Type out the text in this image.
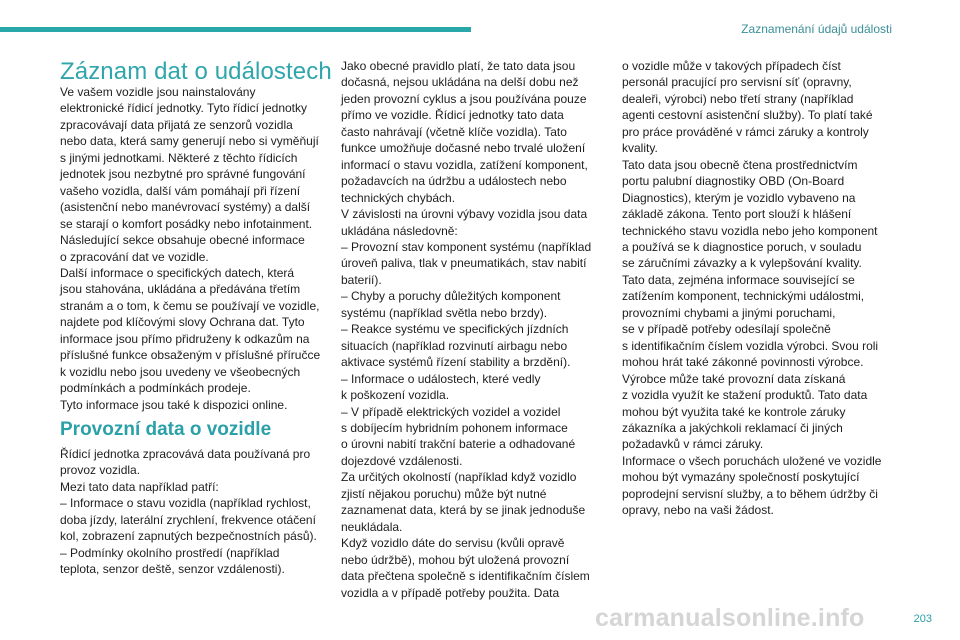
Zaznamenání údajů události
Záznam dat o událostech
Ve vašem vozidle jsou nainstalovány
elektronické řídicí jednotky. Tyto řídicí jednotky
zpracovávají data přijatá ze senzorů vozidla
nebo data, která samy generují nebo si vyměňují
s jinými jednotkami. Některé z těchto řídicích
jednotek jsou nezbytné pro správné fungování
vašeho vozidla, další vám pomáhají při řízení
(asistenční nebo manévrovací systémy) a další
se starají o komfort posádky nebo infotainment.
Následující sekce obsahuje obecné informace
o zpracování dat ve vozidle.
Další informace o specifických datech, která
jsou stahována, ukládána a předávána třetím
stranám a o tom, k čemu se používají ve vozidle,
najdete pod klíčovými slovy Ochrana dat. Tyto
informace jsou přímo přidruženy k odkazům na
příslušné funkce obsaženým v příslušné příručce
k vozidlu nebo jsou uvedeny ve všeobecných
podmínkách a podmínkách prodeje.
Tyto informace jsou také k dispozici online.
Provozní data o vozidle
Řídicí jednotka zpracovává data používaná pro
provoz vozidla.
Mezi tato data například patří:
– Informace o stavu vozidla (například rychlost,
doba jízdy, laterální zrychlení, frekvence otáčení
kol, zobrazení zapnutých bezpečnostních pásů).
– Podmínky okolního prostředí (například
teplota, senzor deště, senzor vzdálenosti).
Jako obecné pravidlo platí, že tato data jsou
dočasná, nejsou ukládána na delší dobu než
jeden provozní cyklus a jsou používána pouze
přímo ve vozidle. Řídicí jednotky tato data
často nahrávají (včetně klíče vozidla). Tato
funkce umožňuje dočasné nebo trvalé uložení
informací o stavu vozidla, zatížení komponent,
požadavcích na údržbu a událostech nebo
technických chybách.
V závislosti na úrovni výbavy vozidla jsou data
ukládána následovně:
– Provozní stav komponent systému (například
úroveň paliva, tlak v pneumatikách, stav nabití
baterií).
– Chyby a poruchy důležitých komponent
systému (například světla nebo brzdy).
– Reakce systému ve specifických jízdních
situacích (například rozvinutí airbagu nebo
aktivace systémů řízení stability a brzdění).
– Informace o událostech, které vedly
k poškození vozidla.
– V případě elektrických vozidel a vozidel
s dobíjecím hybridním pohonem informace
o úrovni nabití trakční baterie a odhadované
dojezdové vzdálenosti.
Za určitých okolností (například když vozidlo
zjistí nějakou poruchu) může být nutné
zaznamenat data, která by se jinak jednoduše
neukládala.
Když vozidlo dáte do servisu (kvůli opravě
nebo údržbě), mohou být uložená provozní
data přečtena společně s identifikačním číslem
vozidla a v případě potřeby použita. Data
o vozidle může v takových případech číst
personál pracující pro servisní síť (opravny,
dealeři, výrobci) nebo třetí strany (například
agenti cestovní asistenční služby). To platí také
pro práce prováděné v rámci záruky a kontroly
kvality.
Tato data jsou obecně čtena prostřednictvím
portu palubní diagnostiky OBD (On-Board
Diagnostics), kterým je vozidlo vybaveno na
základě zákona. Tento port slouží k hlášení
technického stavu vozidla nebo jeho komponent
a používá se k diagnostice poruch, v souladu
se záručními závazky a k vylepšování kvality.
Tato data, zejména informace související se
zatížením komponent, technickými událostmi,
provozními chybami a jinými poruchami,
se v případě potřeby odesílají společně
s identifikačním číslem vozidla výrobci. Svou roli
mohou hrát také zákonné povinnosti výrobce.
Výrobce může také provozní data získaná
z vozidla využít ke stažení produktů. Tato data
mohou být využita také ke kontrole záruky
zákazníka a jakýchkoli reklamací či jiných
požadavků v rámci záruky.
Informace o všech poruchách uložené ve vozidle
mohou být vymazány společností poskytující
poprodejní servisní služby, a to během údržby či
opravy, nebo na vaši žádost.
203
carmanualsonline.info
